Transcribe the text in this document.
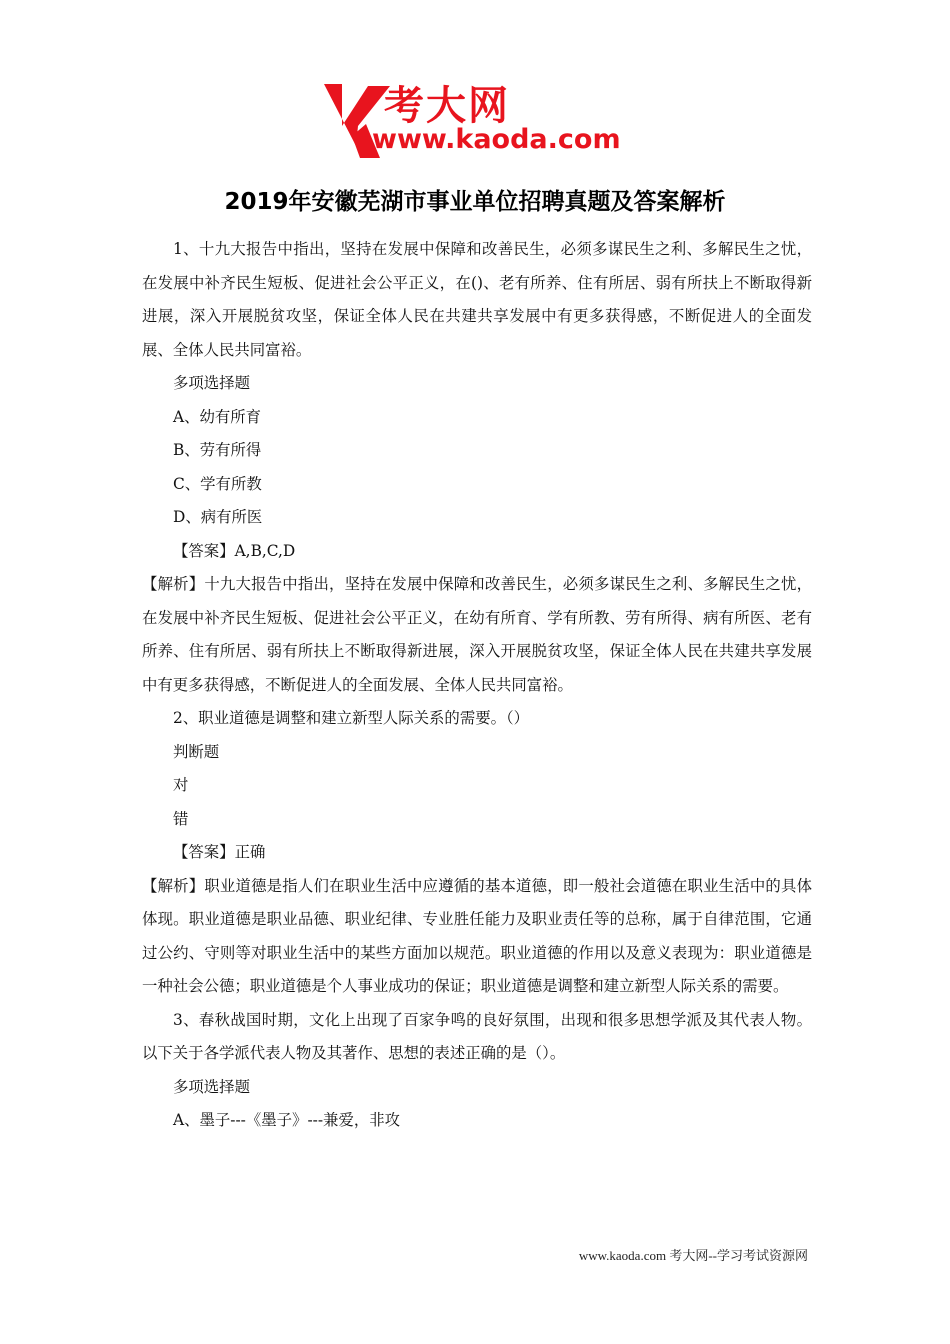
考大网
www.kaoda.com
2019年安徽芜湖市事业单位招聘真题及答案解析

1、十九大报告中指出，坚持在发展中保障和改善民生，必须多谋民生之利、多解民生之忧，在发展中补齐民生短板、促进社会公平正义，在()、老有所养、住有所居、弱有所扶上不断取得新进展，深入开展脱贫攻坚，保证全体人民在共建共享发展中有更多获得感，不断促进人的全面发展、全体人民共同富裕。

多项选择题

A、幼有所育

B、劳有所得

C、学有所教

D、病有所医

【答案】A,B,C,D

【解析】十九大报告中指出，坚持在发展中保障和改善民生，必须多谋民生之利、多解民生之忧，在发展中补齐民生短板、促进社会公平正义，在幼有所育、学有所教、劳有所得、病有所医、老有所养、住有所居、弱有所扶上不断取得新进展，深入开展脱贫攻坚，保证全体人民在共建共享发展中有更多获得感，不断促进人的全面发展、全体人民共同富裕。

2、职业道德是调整和建立新型人际关系的需要。（）

判断题

对

错

【答案】正确

【解析】职业道德是指人们在职业生活中应遵循的基本道德，即一般社会道德在职业生活中的具体体现。职业道德是职业品德、职业纪律、专业胜任能力及职业责任等的总称，属于自律范围，它通过公约、守则等对职业生活中的某些方面加以规范。职业道德的作用以及意义表现为：职业道德是一种社会公德；职业道德是个人事业成功的保证；职业道德是调整和建立新型人际关系的需要。

3、春秋战国时期，文化上出现了百家争鸣的良好氛围，出现和很多思想学派及其代表人物。以下关于各学派代表人物及其著作、思想的表述正确的是（）。

多项选择题

A、墨子---《墨子》---兼爱，非攻

www.kaoda.com 考大网--学习考试资源网
